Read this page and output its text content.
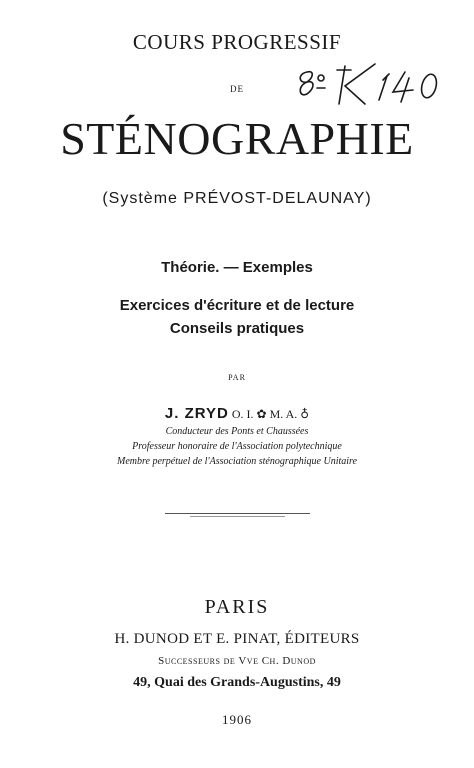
COURS PROGRESSIF
DE
STÉNOGRAPHIE
(Système PRÉVOST-DELAUNAY)
Théorie. — Exemples
Exercices d'écriture et de lecture
Conseils pratiques
PAR
J. ZRYD O. I. ✿ M. A. ♁
Conducteur des Ponts et Chaussées
Professeur honoraire de l'Association polytechnique
Membre perpétuel de l'Association sténographique Unitaire
PARIS
H. DUNOD ET E. PINAT, ÉDITEURS
Successeurs de Vve Ch. Dunod
49, Quai des Grands-Augustins, 49
1906
